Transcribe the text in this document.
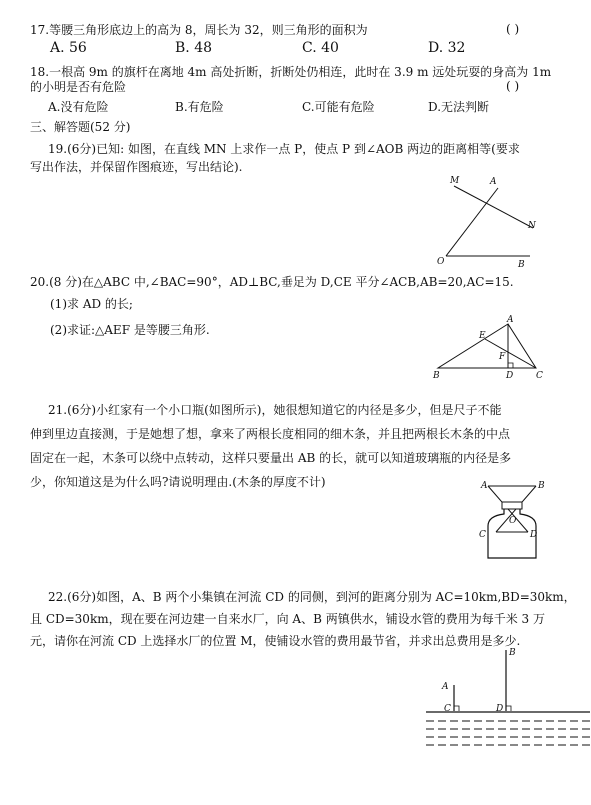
17.等腰三角形底边上的高为 8，周长为 32，则三角形的面积为	( )
A. 56	B. 48	C. 40	D. 32
18.一根高 9m 的旗杆在离地 4m 高处折断，折断处仍相连，此时在 3.9 m 远处玩耍的身高为 1m
的小明是否有危险	( )
A.没有危险	B.有危险	C.可能有危险	D.无法判断
三、解答题(52 分)
19.(6分)已知: 如图，在直线 MN 上求作一点 P，使点 P 到∠AOB 两边的距离相等(要求
写出作法，并保留作图痕迹，写出结论).
M	A
N
O	B
20.(8 分)在△ABC 中,∠BAC=90°，AD⊥BC,垂足为 D,CE 平分∠ACB,AB=20,AC=15.
(1)求 AD 的长;
(2)求证:△AEF 是等腰三角形.
A
E
F
B	D	C
21.(6分)小红家有一个小口瓶(如图所示)，她很想知道它的内径是多少，但是尺子不能
伸到里边直接测，于是她想了想，拿来了两根长度相同的细木条，并且把两根长木条的中点
固定在一起，木条可以绕中点转动，这样只要量出 AB 的长，就可以知道玻璃瓶的内径是多
少，你知道这是为什么吗?请说明理由.(木条的厚度不计)	A	B
O
C	D
22.(6分)如图，A、B 两个小集镇在河流 CD 的同侧，到河的距离分别为 AC=10km,BD=30km，
且 CD=30km，现在要在河边建一自来水厂，向 A、B 两镇供水，铺设水管的费用为每千米 3 万
元，请你在河流 CD 上选择水厂的位置 M，使铺设水管的费用最节省，并求出总费用是多少.
A
B
C	D
